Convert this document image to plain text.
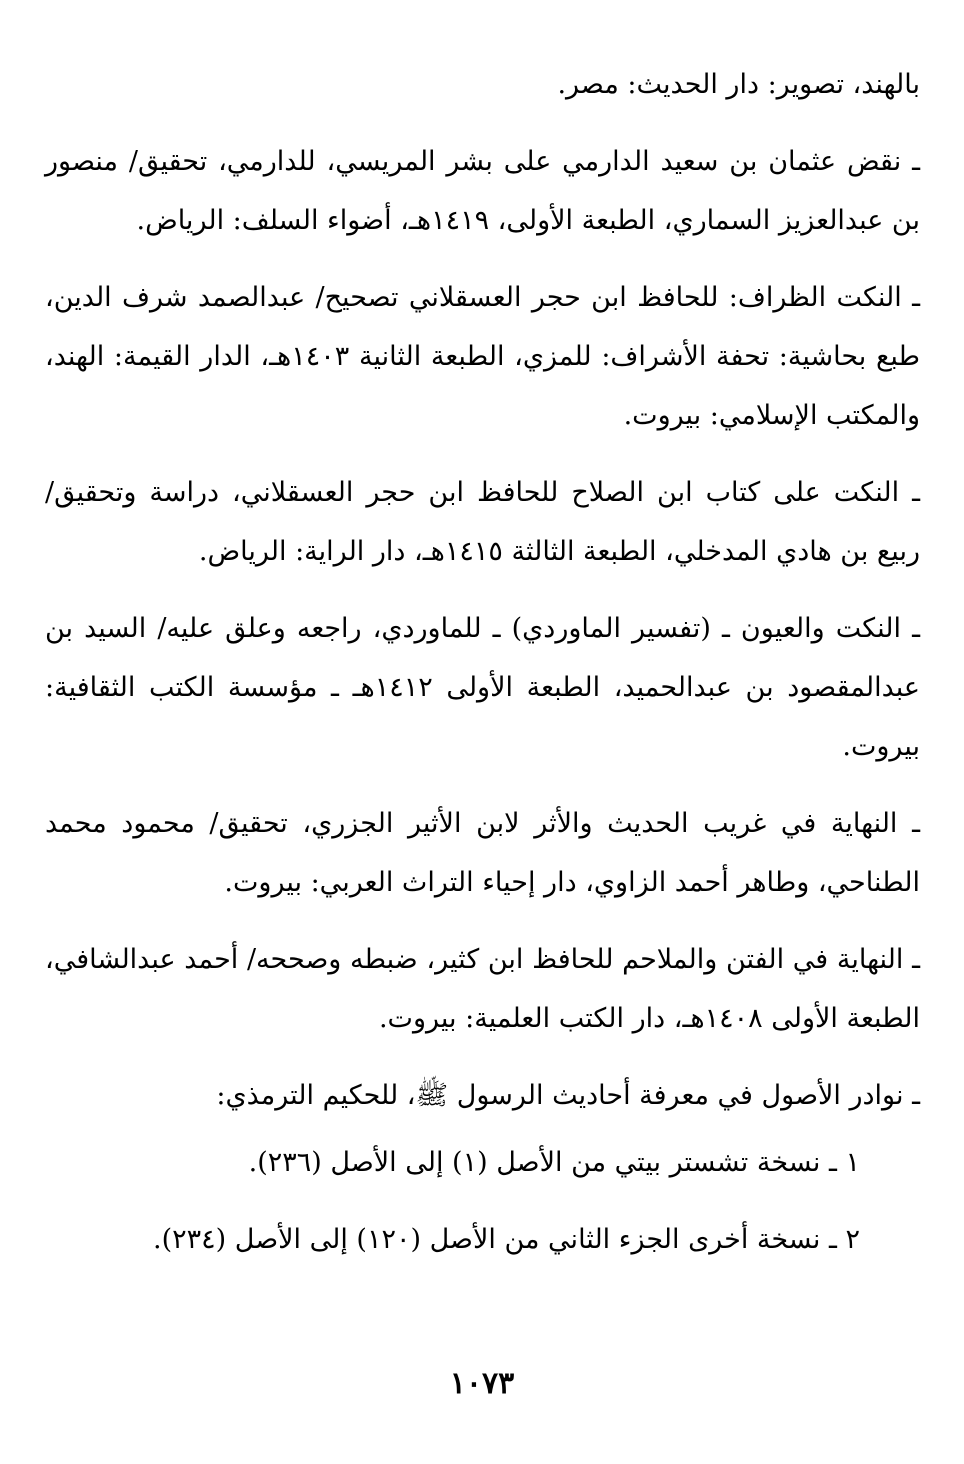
بالهند، تصوير: دار الحديث: مصر.

ـ نقض عثمان بن سعيد الدارمي على بشر المريسي، للدارمي، تحقيق/ منصور بن عبدالعزيز السماري، الطبعة الأولى، ١٤١٩هـ، أضواء السلف: الرياض.

ـ النكت الظراف: للحافظ ابن حجر العسقلاني تصحيح/ عبدالصمد شرف الدين، طبع بحاشية: تحفة الأشراف: للمزي، الطبعة الثانية ١٤٠٣هـ، الدار القيمة: الهند، والمكتب الإسلامي: بيروت.

ـ النكت على كتاب ابن الصلاح للحافظ ابن حجر العسقلاني، دراسة وتحقيق/ ربيع بن هادي المدخلي، الطبعة الثالثة ١٤١٥هـ، دار الراية: الرياض.

ـ النكت والعيون ـ (تفسير الماوردي) ـ للماوردي، راجعه وعلق عليه/ السيد بن عبدالمقصود بن عبدالحميد، الطبعة الأولى ١٤١٢هـ ـ مؤسسة الكتب الثقافية: بيروت.

ـ النهاية في غريب الحديث والأثر لابن الأثير الجزري، تحقيق/ محمود محمد الطناحي، وطاهر أحمد الزاوي، دار إحياء التراث العربي: بيروت.

ـ النهاية في الفتن والملاحم للحافظ ابن كثير، ضبطه وصححه/ أحمد عبدالشافي، الطبعة الأولى ١٤٠٨هـ، دار الكتب العلمية: بيروت.

ـ نوادر الأصول في معرفة أحاديث الرسول ﷺ، للحكيم الترمذي:

١ ـ نسخة تشستر بيتي من الأصل (١) إلى الأصل (٢٣٦).

٢ ـ نسخة أخرى الجزء الثاني من الأصل (١٢٠) إلى الأصل (٢٣٤).

١٠٧٣
